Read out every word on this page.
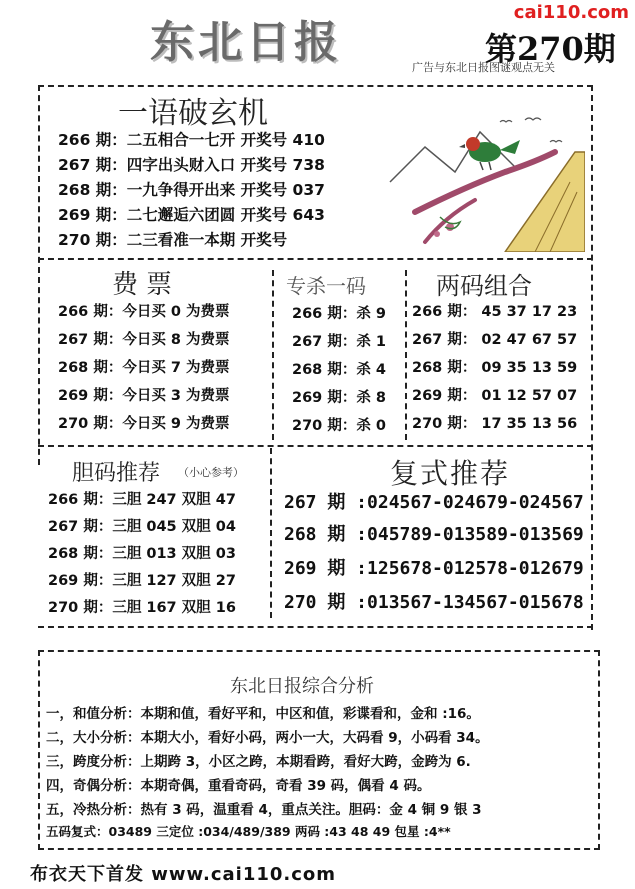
东北日报
cai110.com
第270期
广告与东北日报图谜观点无关
一语破玄机
266 期：二五相合一七开 开奖号 410
267 期：四字出头财入口 开奖号 738
268 期：一九争得开出来 开奖号 037
269 期：二七邂逅六团圆 开奖号 643
270 期：二三看准一本期 开奖号
费票
266 期：今日买 0 为费票
267 期：今日买 8 为费票
268 期：今日买 7 为费票
269 期：今日买 3 为费票
270 期：今日买 9 为费票
专杀一码
266 期：杀 9
267 期：杀 1
268 期：杀 4
269 期：杀 8
270 期：杀 0
两码组合
266 期： 45 37 17 23
267 期： 02 47 67 57
268 期： 09 35 13 59
269 期： 01 12 57 07
270 期： 17 35 13 56
胆码推荐 （小心参考）
266 期：三胆 247 双胆 47
267 期：三胆 045 双胆 04
268 期：三胆 013 双胆 03
269 期：三胆 127 双胆 27
270 期：三胆 167 双胆 16
复式推荐
267 期 :024567-024679-024567
268 期 :045789-013589-013569
269 期 :125678-012578-012679
270 期 :013567-134567-015678
东北日报综合分析
一，和值分析：本期和值，看好平和，中区和值，彩谍看和，金和 :16。
二，大小分析：本期大小，看好小码，两小一大，大码看 9，小码看 34。
三，跨度分析：上期跨 3，小区之跨，本期看跨，看好大跨，金跨为 6.
四，奇偶分析：本期奇偶，重看奇码，奇看 39 码，偶看 4 码。
五，冷热分析：热有 3 码，温重看 4，重点关注。胆码：金 4 铜 9 银 3
五码复式：03489 三定位 :034/489/389 两码 :43 48 49 包星 :4**
布衣天下首发 www.cai110.com
